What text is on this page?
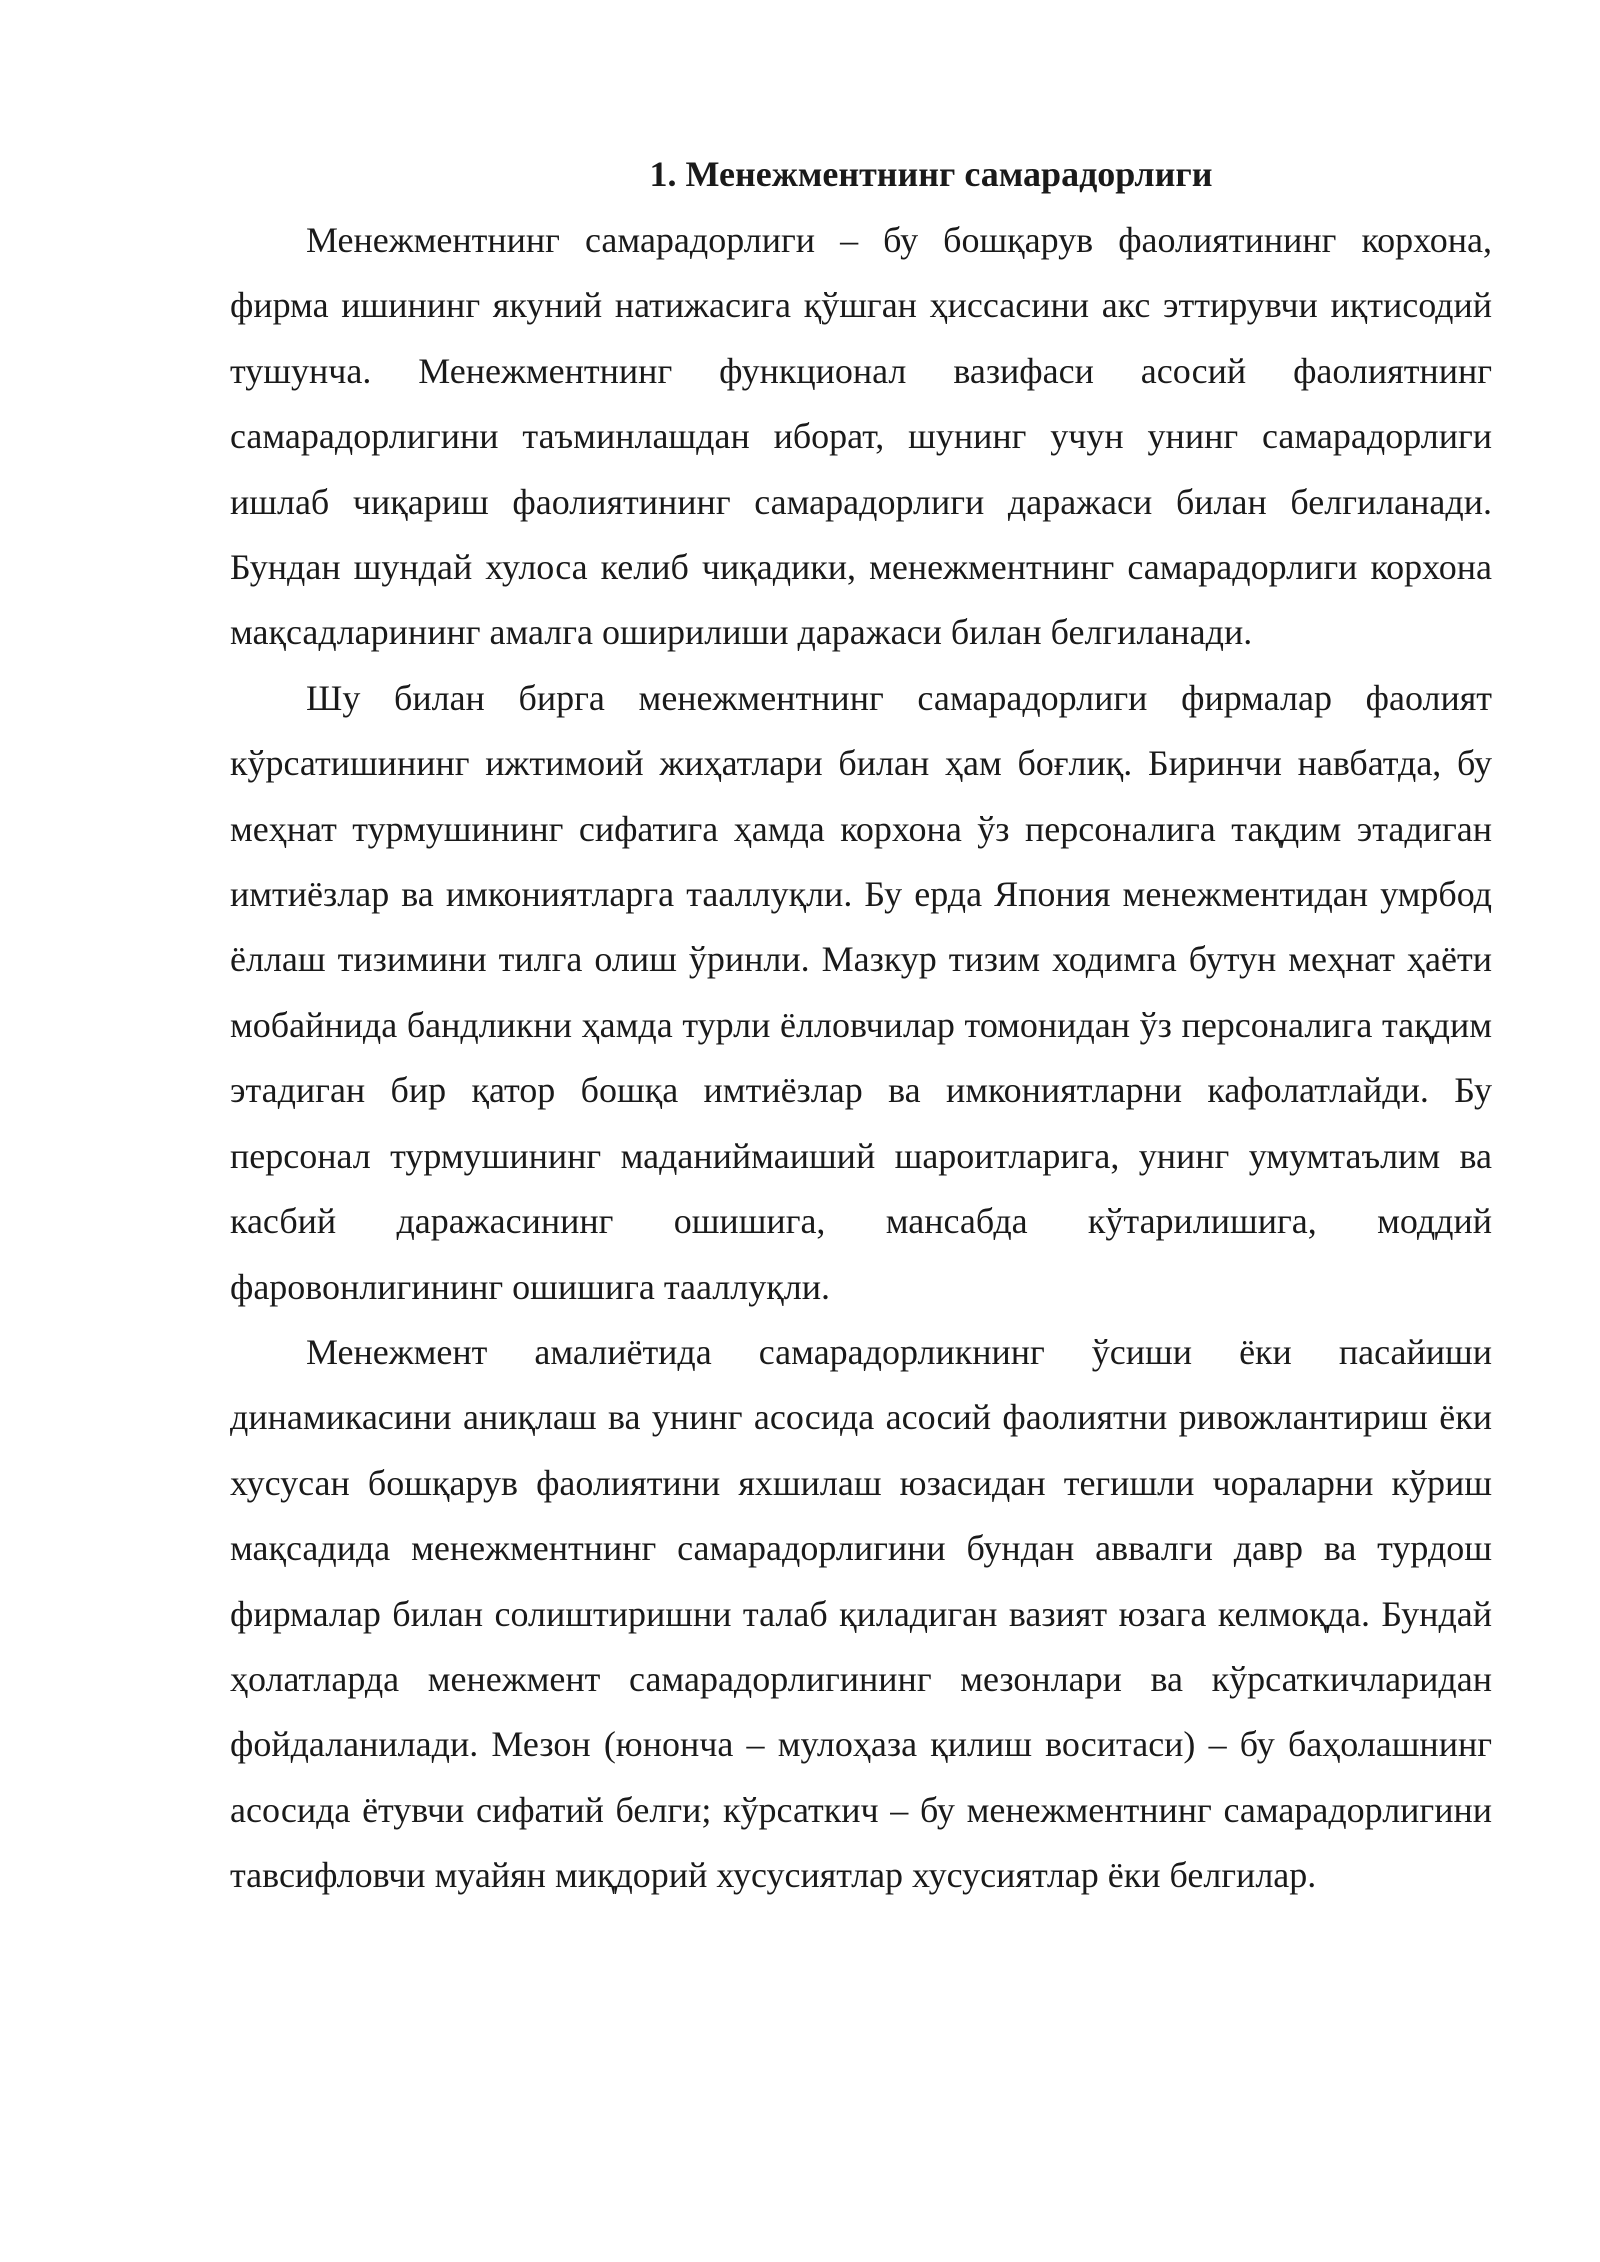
1. Менежментнинг самарадорлиги

Менежментнинг самарадорлиги – бу бошқарув фаолиятининг корхона, фирма ишининг якуний натижасига қўшган ҳиссасини акс эттирувчи иқтисодий тушунча. Менежментнинг функционал вазифаси асосий фаолиятнинг самарадорлигини таъминлашдан иборат, шунинг учун унинг самарадорлиги ишлаб чиқариш фаолиятининг самарадорлиги даражаси билан белгиланади. Бундан шундай хулоса келиб чиқадики, менежментнинг самарадорлиги корхона мақсадларининг амалга оширилиши даражаси билан белгиланади.

Шу билан бирга менежментнинг самарадорлиги фирмалар фаолият кўрсатишининг ижтимоий жиҳатлари билан ҳам боғлиқ. Биринчи навбатда, бу меҳнат турмушининг сифатига ҳамда корхона ўз персоналига тақдим этадиган имтиёзлар ва имкониятларга тааллуқли. Бу ерда Япония менежментидан умрбод ёллаш тизимини тилга олиш ўринли. Мазкур тизим ходимга бутун меҳнат ҳаёти мобайнида бандликни ҳамда турли ёлловчилар томонидан ўз персоналига тақдим этадиган бир қатор бошқа имтиёзлар ва имкониятларни кафолатлайди. Бу персонал турмушининг маданиймаиший шароитларига, унинг умумтаълим ва касбий даражасининг ошишига, мансабда кўтарилишига, моддий фаровонлигининг ошишига тааллуқли.

Менежмент амалиётида самарадорликнинг ўсиши ёки пасайиши динамикасини аниқлаш ва унинг асосида асосий фаолиятни ривожлантириш ёки хусусан бошқарув фаолиятини яхшилаш юзасидан тегишли чораларни кўриш мақсадида менежментнинг самарадорлигини бундан аввалги давр ва турдош фирмалар билан солиштиришни талаб қиладиган вазият юзага келмоқда. Бундай ҳолатларда менежмент самарадорлигининг мезонлари ва кўрсаткичларидан фойдаланилади. Мезон (юнонча – мулоҳаза қилиш воситаси) – бу баҳолашнинг асосида ётувчи сифатий белги; кўрсаткич – бу менежментнинг самарадорлигини тавсифловчи муайян миқдорий хусусиятлар хусусиятлар ёки белгилар.
